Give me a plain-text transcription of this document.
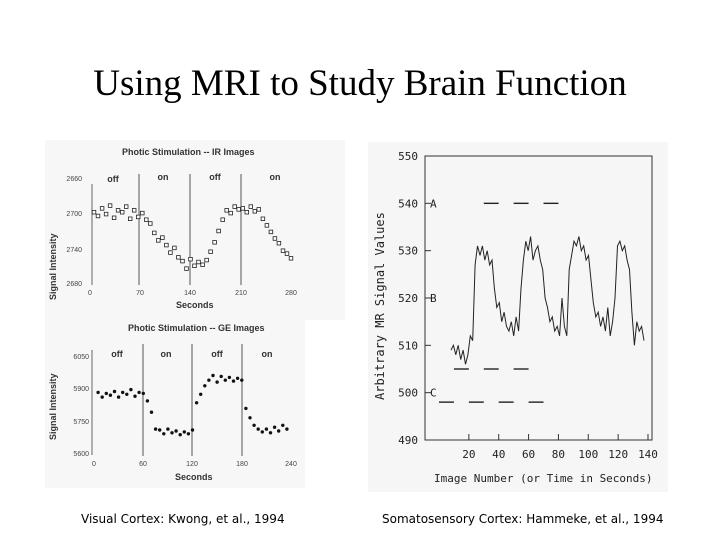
Using MRI to Study Brain Function
Photic Stimulation -- IR Images
Signal Intensity
Seconds
2660
2700
2740
2680
0	70	140	210	280
off	on	off	on
Photic Stimulation -- GE Images
Signal Intensity
Seconds
6050
5900
5750
5600
0	60	120	180	240
off	on	off	on	Arbitrary MR Signal Values
Image Number (or Time in Seconds)
490
500
510
520
530
540
550
20 40 60 80 100 120 140
A
B
C
Visual Cortex: Kwong, et al., 1994	Somatosensory Cortex: Hammeke, et al., 1994
